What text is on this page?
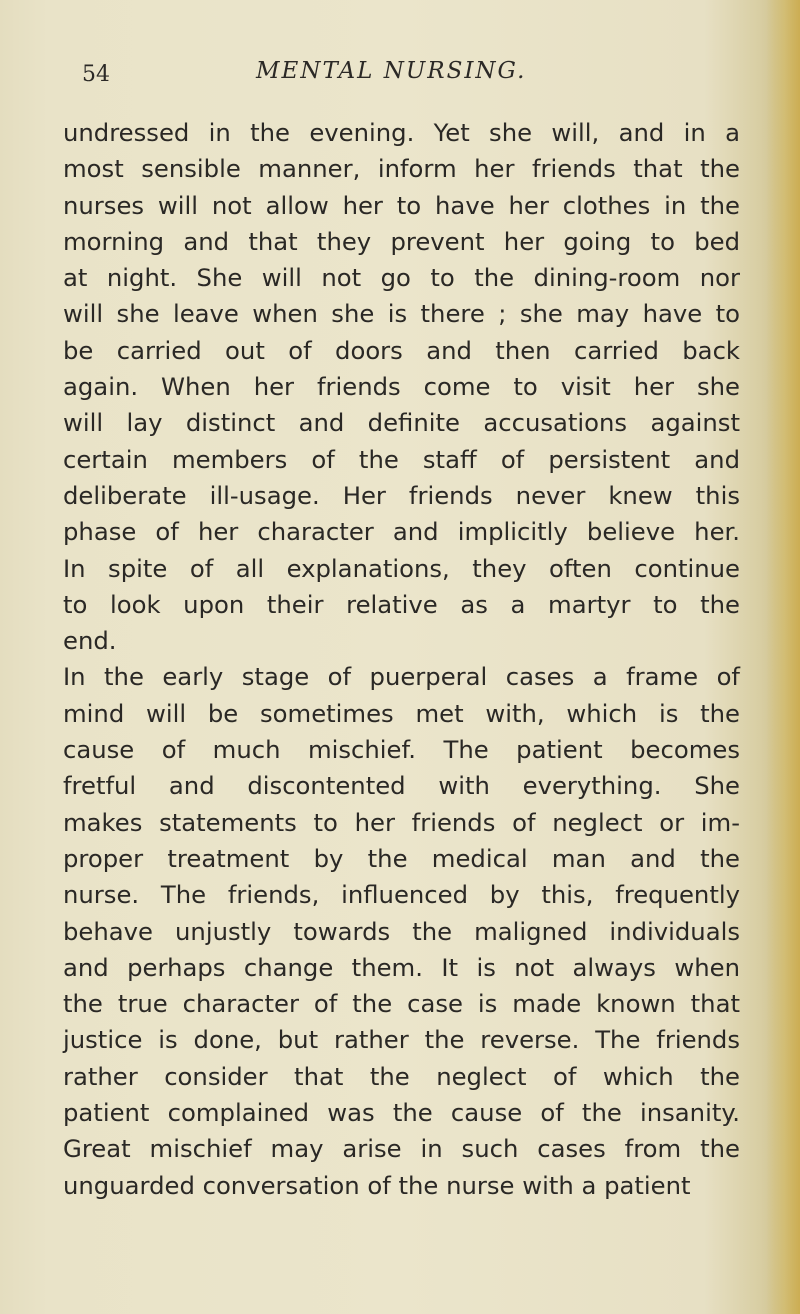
54	MENTAL NURSING.
undressed in the evening. Yet she will, and in a
most sensible manner, inform her friends that the
nurses will not allow her to have her clothes in the
morning and that they prevent her going to bed
at night. She will not go to the dining-room nor
will she leave when she is there ; she may have to
be carried out of doors and then carried back
again. When her friends come to visit her she
will lay distinct and definite accusations against
certain members of the staff of persistent and
deliberate ill-usage. Her friends never knew this
phase of her character and implicitly believe her.
In spite of all explanations, they often continue
to look upon their relative as a martyr to the
end.
In the early stage of puerperal cases a frame of
mind will be sometimes met with, which is the
cause of much mischief. The patient becomes
fretful and discontented with everything. She
makes statements to her friends of neglect or im-
proper treatment by the medical man and the
nurse. The friends, influenced by this, frequently
behave unjustly towards the maligned individuals
and perhaps change them. It is not always when
the true character of the case is made known that
justice is done, but rather the reverse. The friends
rather consider that the neglect of which the
patient complained was the cause of the insanity.
Great mischief may arise in such cases from the
unguarded conversation of the nurse with a patient
